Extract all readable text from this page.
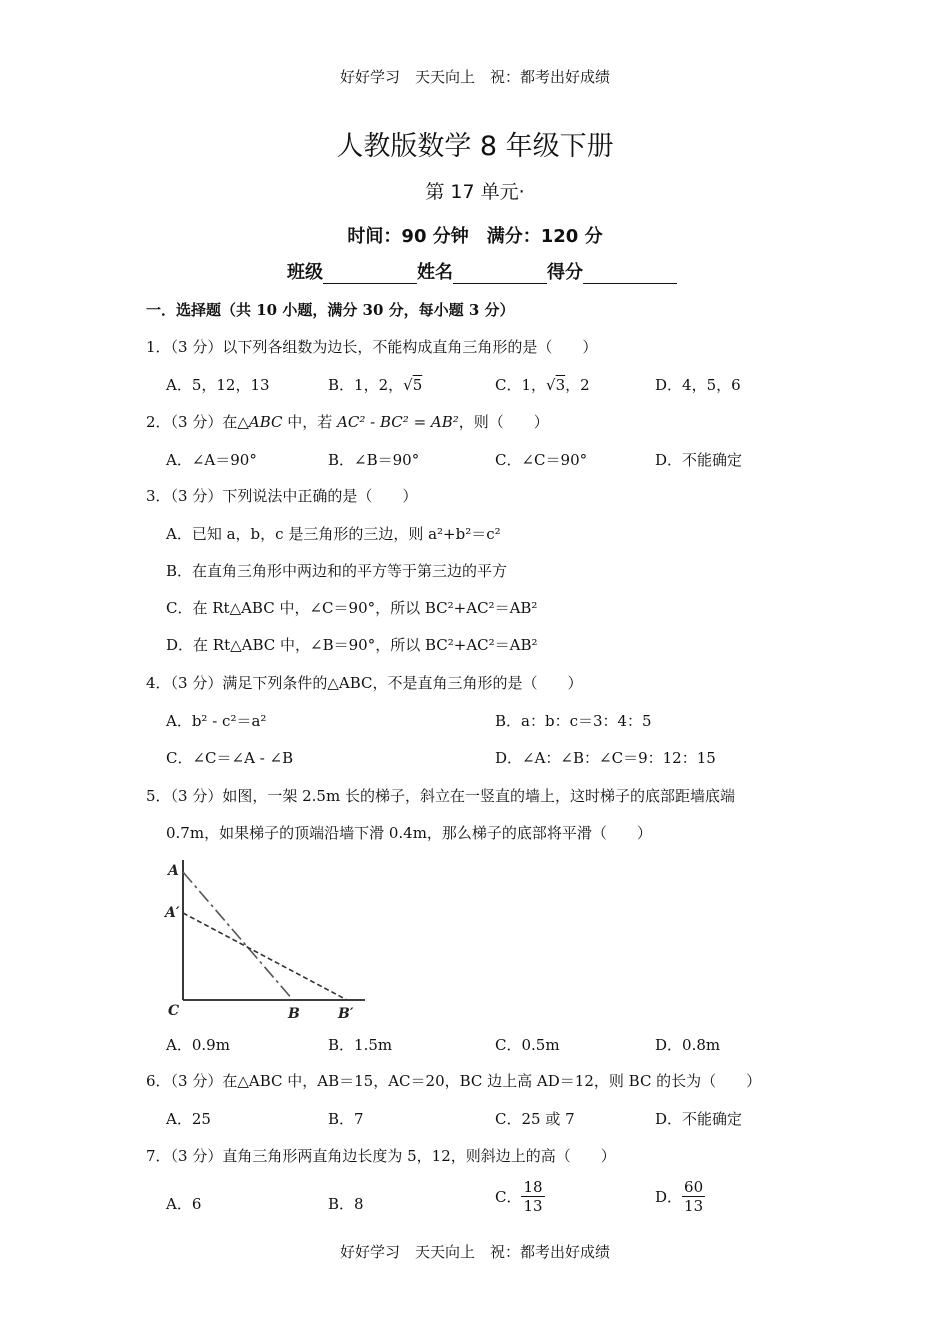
好好学习　天天向上　祝：都考出好成绩
人教版数学 8 年级下册
第 17 单元·
时间：90 分钟　满分：120 分
班级	姓名	得分
一．选择题（共 10 小题，满分 30 分，每小题 3 分）
1．（3 分）以下列各组数为边长，不能构成直角三角形的是（　　）
A．5，12，13	B．1，2，√5	C．1，√3，2	D．4，5，6
2．（3 分）在△ABC 中，若 AC² - BC² = AB²，则（　　）
A．∠A＝90°	B．∠B＝90°	C．∠C＝90°	D．不能确定
3．（3 分）下列说法中正确的是（　　）
A．已知 a，b，c 是三角形的三边，则 a²+b²＝c²
B．在直角三角形中两边和的平方等于第三边的平方
C．在 Rt△ABC 中，∠C＝90°，所以 BC²+AC²＝AB²
D．在 Rt△ABC 中，∠B＝90°，所以 BC²+AC²＝AB²
4．（3 分）满足下列条件的△ABC，不是直角三角形的是（　　）
A．b² - c²＝a²	B．a：b：c＝3：4：5
C．∠C＝∠A - ∠B	D．∠A：∠B：∠C＝9：12：15
5．（3 分）如图，一架 2.5m 长的梯子，斜立在一竖直的墙上，这时梯子的底部距墙底端
0.7m，如果梯子的顶端沿墙下滑 0.4m，那么梯子的底部将平滑（　　）
A
A′
C	B	B′
A．0.9m	B．1.5m	C．0.5m	D．0.8m
6．（3 分）在△ABC 中，AB＝15，AC＝20，BC 边上高 AD＝12，则 BC 的长为（　　）
A．25	B．7	C．25 或 7	D．不能确定
7．（3 分）直角三角形两直角边长度为 5，12，则斜边上的高（　　）
A．6	B．8	C． $\frac{18}{13}$	D． $\frac{60}{13}$
好好学习　天天向上　祝：都考出好成绩
